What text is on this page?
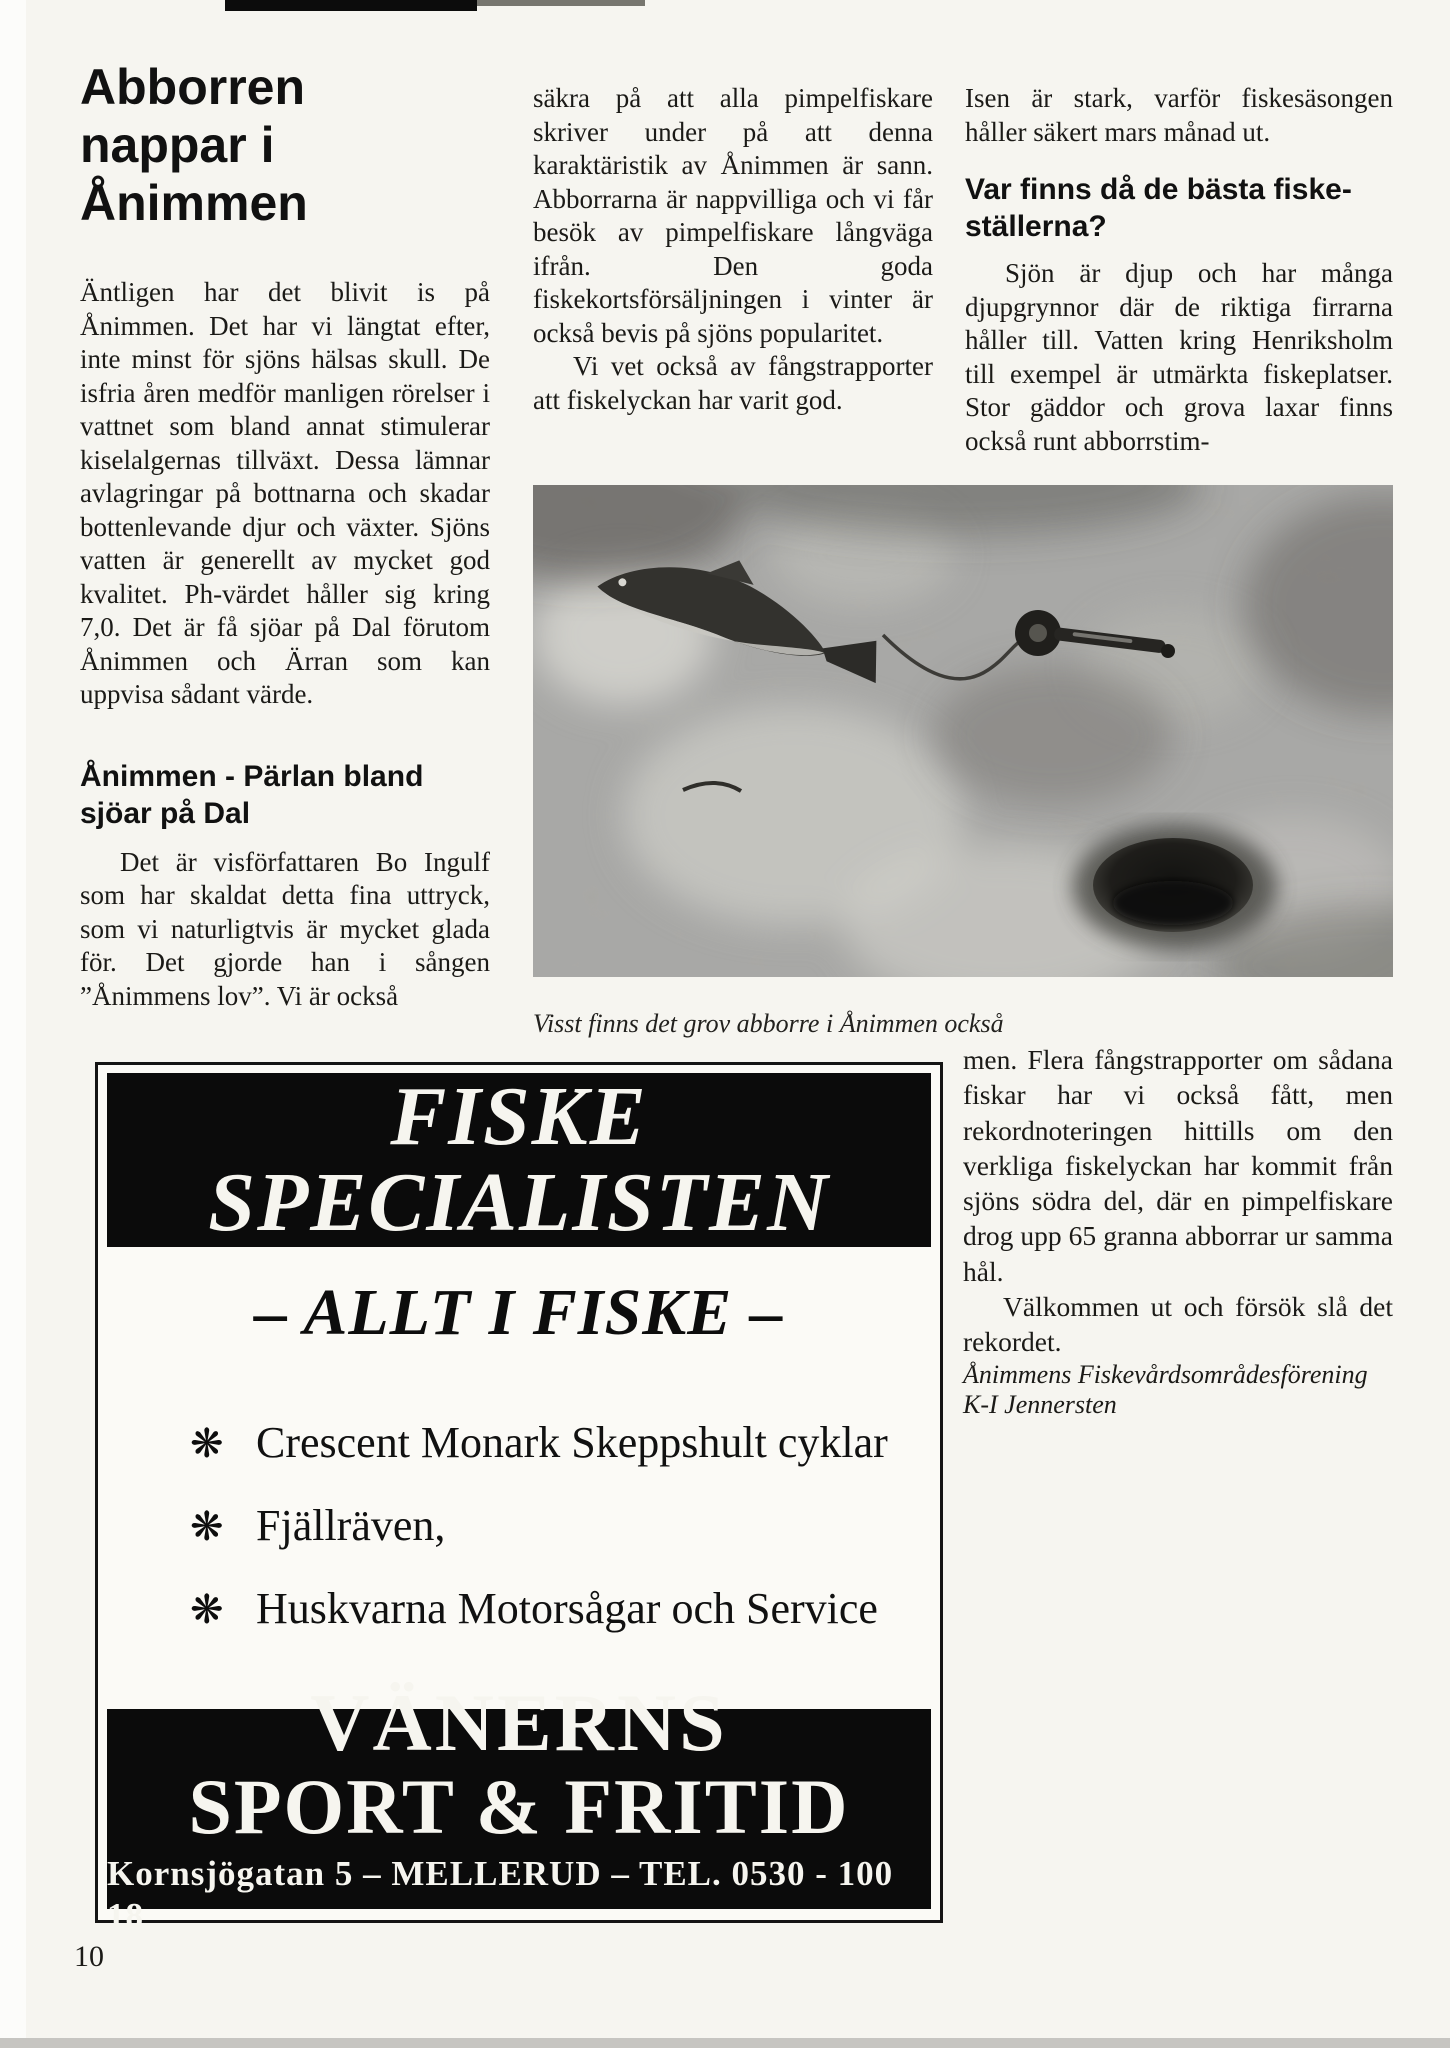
Abborren
nappar i
Ånimmen

Äntligen har det blivit is på Ånimmen. Det har vi längtat efter, inte minst för sjöns hälsas skull. De isfria åren medför manligen rörelser i vattnet som bland annat stimulerar kiselalgernas tillväxt. Dessa lämnar avlagringar på bottnarna och skadar bottenlevande djur och växter. Sjöns vatten är generellt av mycket god kvalitet. Ph-värdet håller sig kring 7,0. Det är få sjöar på Dal förutom Ånimmen och Ärran som kan uppvisa sådant värde.

Ånimmen - Pärlan bland
sjöar på Dal

Det är visförfattaren Bo Ingulf som har skaldat detta fina uttryck, som vi naturligtvis är mycket glada för. Det gjorde han i sången ”Ånimmens lov”. Vi är också

säkra på att alla pimpelfiskare skriver under på att denna karaktäristik av Ånimmen är sann. Abborrarna är nappvilliga och vi får besök av pimpelfiskare långväga ifrån. Den goda fiskekortsförsäljningen i vinter är också bevis på sjöns popularitet.

Vi vet också av fångstrapporter att fiskelyckan har varit god.

Isen är stark, varför fiskesäsongen håller säkert mars månad ut.

Var finns då de bästa fiske-
ställerna?

Sjön är djup och har många djupgrynnor där de riktiga firrarna håller till. Vatten kring Henriksholm till exempel är utmärkta fiskeplatser. Stor gäddor och grova laxar finns också runt abborrstim-

Visst finns det grov abborre i Ånimmen också

men. Flera fångstrapporter om sådana fiskar har vi också fått, men rekordnoteringen hittills om den verkliga fiskelyckan har kommit från sjöns södra del, där en pimpelfiskare drog upp 65 granna abborrar ur samma hål.

Välkommen ut och försök slå det rekordet.

Ånimmens Fiskevårdsområdesförening

K-I Jennersten

FISKE
SPECIALISTEN
– ALLT I FISKE –
❋ Crescent Monark Skeppshult cyklar
❋ Fjällräven,
❋ Huskvarna Motorsågar och Service
VÄNERNS
SPORT & FRITID
Kornsjögatan 5 – MELLERUD – TEL. 0530 - 100 18
10
